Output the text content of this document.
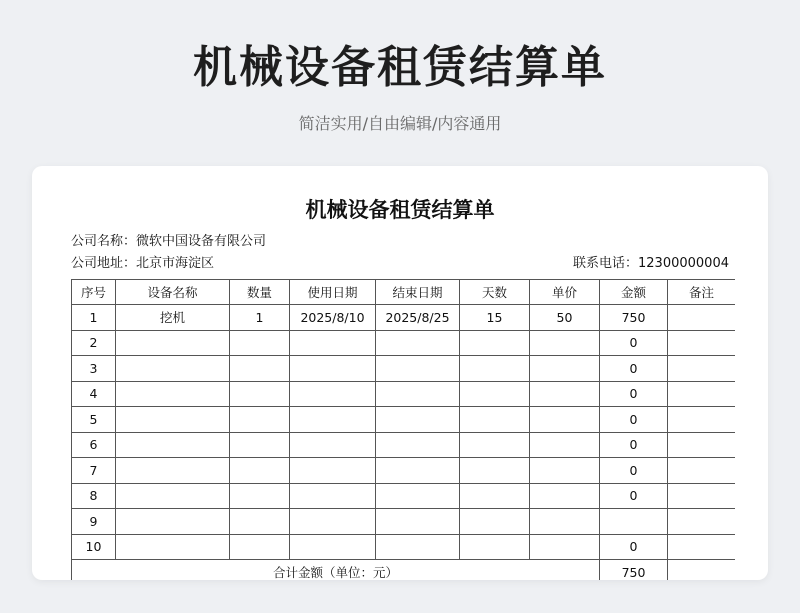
机械设备租赁结算单
简洁实用/自由编辑/内容通用
机械设备租赁结算单
公司名称：微软中国设备有限公司
公司地址：北京市海淀区	联系电话：12300000004
序号	设备名称	数量	使用日期	结束日期	天数	单价	金额	备注
1	挖机	1	2025/8/10	2025/8/25	15	50	750	
2							0	
3							0	
4							0	
5							0	
6							0	
7							0	
8							0	
9								
10							0	
合计金额（单位：元）							750	
